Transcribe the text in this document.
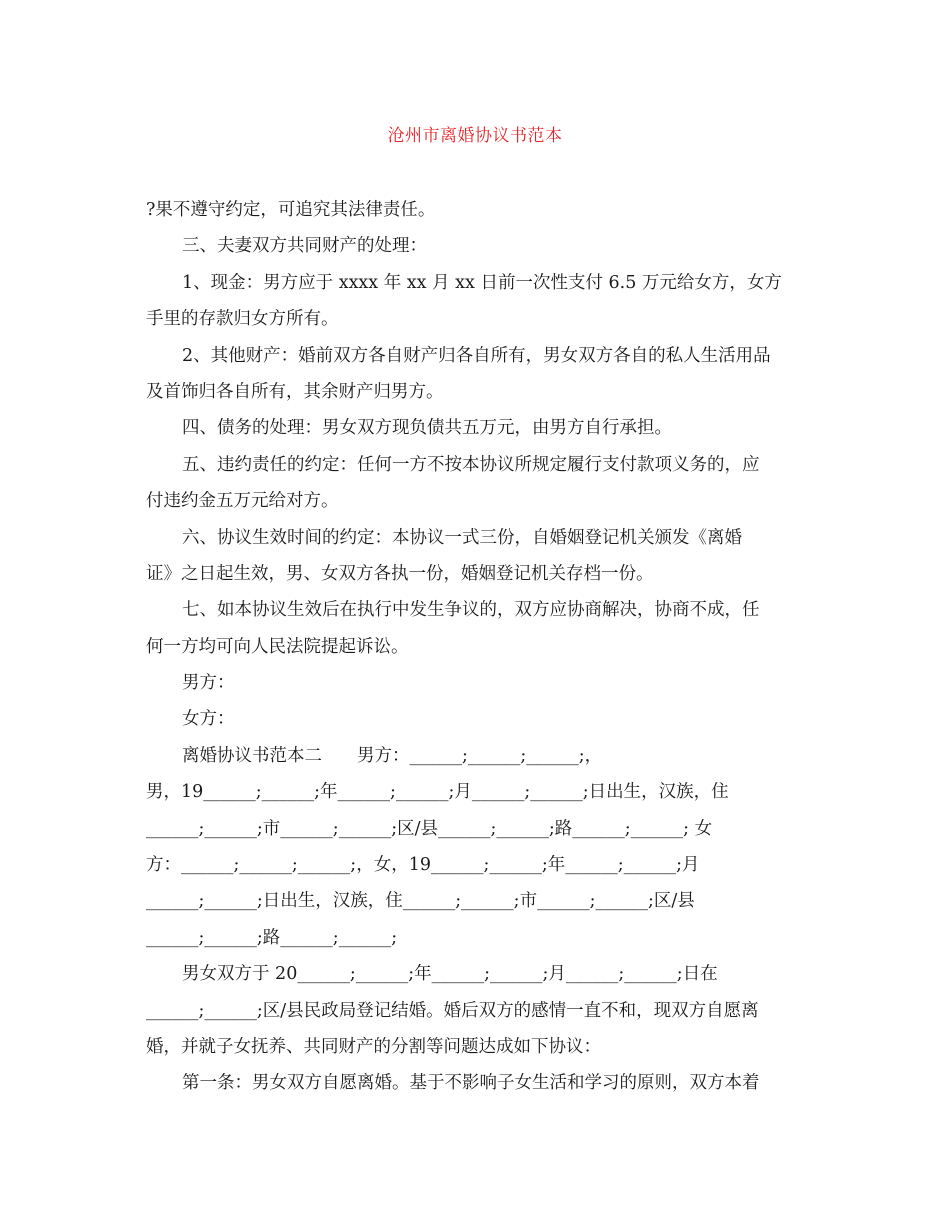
沧州市离婚协议书范本
?果不遵守约定，可追究其法律责任。
三、夫妻双方共同财产的处理：
1、现金：男方应于 xxxx 年 xx 月 xx 日前一次性支付 6.5 万元给女方，女方
手里的存款归女方所有。
2、其他财产：婚前双方各自财产归各自所有，男女双方各自的私人生活用品
及首饰归各自所有，其余财产归男方。
四、债务的处理：男女双方现负债共五万元，由男方自行承担。
五、违约责任的约定：任何一方不按本协议所规定履行支付款项义务的，应
付违约金五万元给对方。
六、协议生效时间的约定：本协议一式三份，自婚姻登记机关颁发《离婚
证》之日起生效，男、女双方各执一份，婚姻登记机关存档一份。
七、如本协议生效后在执行中发生争议的，双方应协商解决，协商不成，任
何一方均可向人民法院提起诉讼。
男方：
女方：
离婚协议书范本二　　男方：______;______;______;，
男，19______;______;年______;______;月______;______;日出生，汉族，住
______;______;市______;______;区/县______;______;路______;______; 女
方：______;______;______;，女，19______;______;年______;______;月
______;______;日出生，汉族，住______;______;市______;______;区/县
______;______;路______;______;
男女双方于 20______;______;年______;______;月______;______;日在
______;______;区/县民政局登记结婚。婚后双方的感情一直不和，现双方自愿离
婚，并就子女抚养、共同财产的分割等问题达成如下协议：
第一条：男女双方自愿离婚。基于不影响子女生活和学习的原则，双方本着
